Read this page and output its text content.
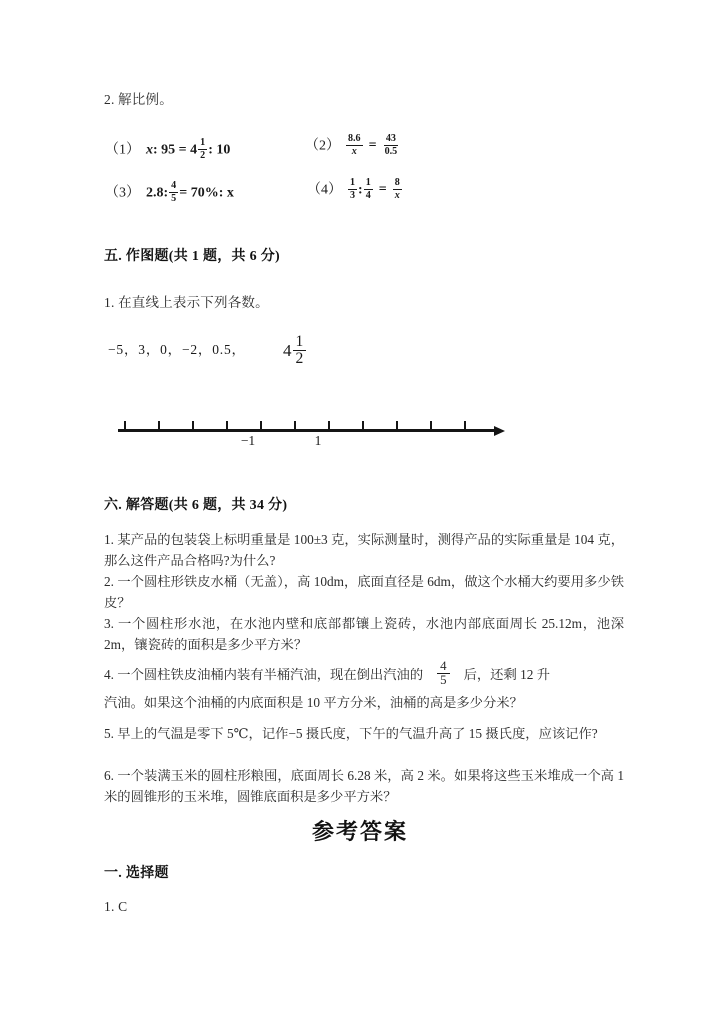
2. 解比例。
（1） x: $95 = 4 \frac{1}{2}$ : 10	$(2) \frac{8.6}{x} = \frac{43}{0.5}$
（3） 2.8: $\frac{4}{5} = 70\%$: x	$(4) \frac{1}{3}$ : $\frac{1}{4} = \frac{8}{x}$
五. 作图题(共 1 题，共 6 分)
1. 在直线上表示下列各数。
−5，3，0，−2，0.5， $4 \frac{1}{2}$
−1	1
六. 解答题(共 6 题，共 34 分)
1. 某产品的包装袋上标明重量是 100±3 克，实际测量时，测得产品的实际重量是 104 克，那么这件产品合格吗?为什么?
2. 一个圆柱形铁皮水桶（无盖），高 10dm，底面直径是 6dm，做这个水桶大约要用多少铁皮？
3. 一个圆柱形水池，在水池内壁和底部都镶上瓷砖，水池内部底面周长 25.12m，池深 2m，镶瓷砖的面积是多少平方米？
4. 一个圆柱铁皮油桶内装有半桶汽油，现在倒出汽油的 $\frac{4}{5}$ 后，还剩 12 升
汽油。如果这个油桶的内底面积是 10 平方分米，油桶的高是多少分米？
5. 早上的气温是零下 5℃，记作−5 摄氏度，下午的气温升高了 15 摄氏度，应该记作?
6. 一个装满玉米的圆柱形粮囤，底面周长 6.28 米，高 2 米。如果将这些玉米堆成一个高 1 米的圆锥形的玉米堆，圆锥底面积是多少平方米？
参考答案
一. 选择题
1. C
